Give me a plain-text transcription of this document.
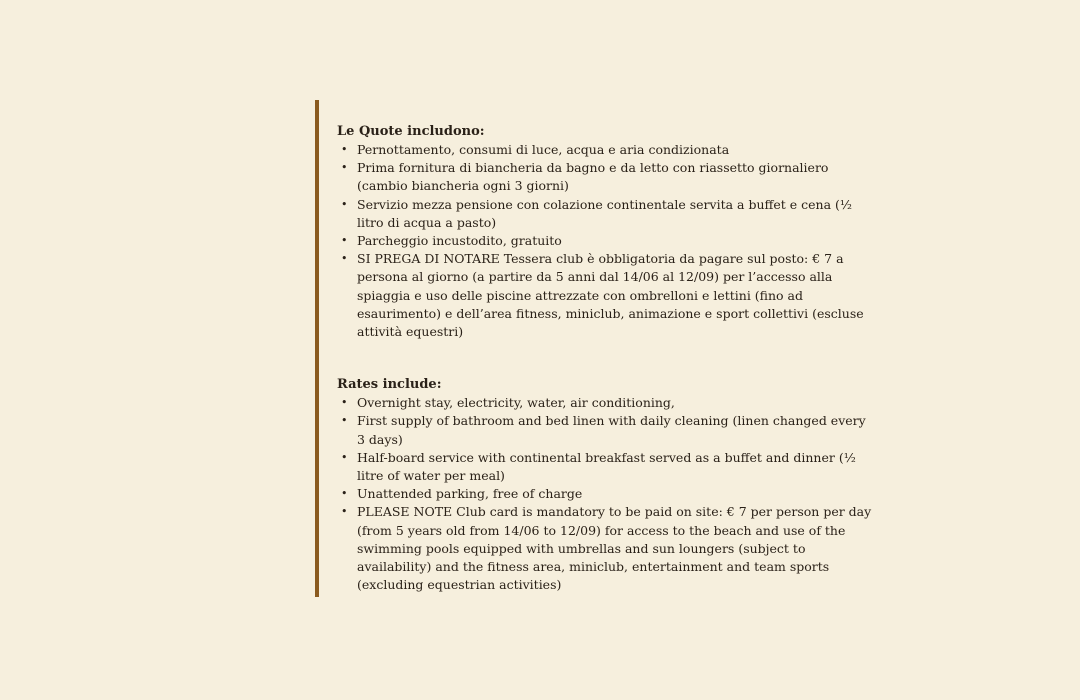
Le Quote includono:

• Pernottamento, consumi di luce, acqua e aria condizionata
• Prima fornitura di biancheria da bagno e da letto con riassetto giornaliero (cambio biancheria ogni 3 giorni)
• Servizio mezza pensione con colazione continentale servita a buffet e cena (½ litro di acqua a pasto)
• Parcheggio incustodito, gratuito
• SI PREGA DI NOTARE Tessera club è obbligatoria da pagare sul posto: € 7 a persona al giorno (a partire da 5 anni dal 14/06 al 12/09) per l’accesso alla spiaggia e uso delle piscine attrezzate con ombrelloni e lettini (fino ad esaurimento) e dell’area fitness, miniclub, animazione e sport collettivi (escluse attività equestri)

Rates include:

• Overnight stay, electricity, water, air conditioning,
• First supply of bathroom and bed linen with daily cleaning (linen changed every 3 days)
• Half-board service with continental breakfast served as a buffet and dinner (½ litre of water per meal)
• Unattended parking, free of charge
• PLEASE NOTE Club card is mandatory to be paid on site: € 7 per person per day (from 5 years old from 14/06 to 12/09) for access to the beach and use of the swimming pools equipped with umbrellas and sun loungers (subject to availability) and the fitness area, miniclub, entertainment and team sports (excluding equestrian activities)
